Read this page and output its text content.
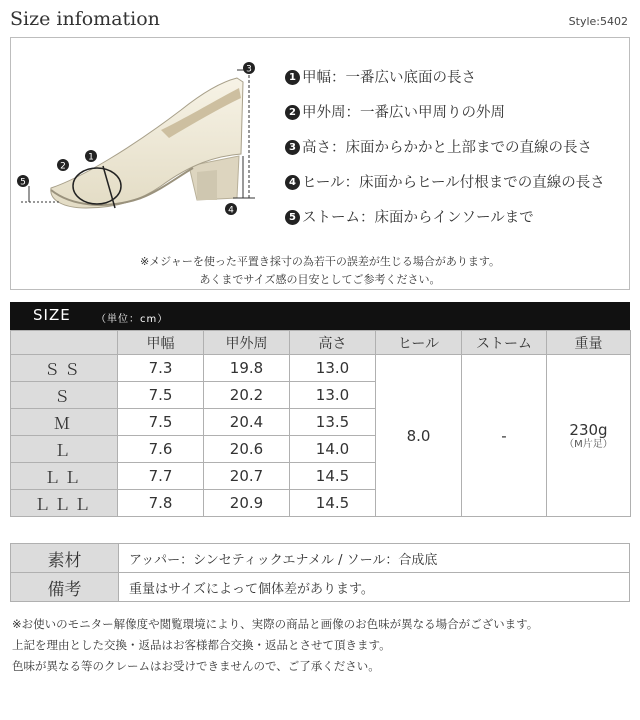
Size infomation	Style:5402
1
2
3
4
5
1 甲幅：一番広い底面の長さ
2 甲外周：一番広い甲周りの外周
3 高さ：床面からかかと上部までの直線の長さ
4 ヒール：床面からヒール付根までの直線の長さ
5 ストーム：床面からインソールまで
※メジャーを使った平置き採寸の為若干の誤差が生じる場合があります。
あくまでサイズ感の目安としてご参考ください。
SIZE	（単位：cm）
	甲幅	甲外周	高さ	ヒール	ストーム	重量
ＳＳ	7.3	19.8	13.0	8.0	-	230g
（M片足）

Ｓ	7.5	20.2	13.0			
Ｍ	7.5	20.4	13.5			
Ｌ	7.6	20.6	14.0			
ＬＬ	7.7	20.7	14.5			
ＬＬＬ	7.8	20.9	14.5			
素材	アッパー：シンセティックエナメル / ソール：合成底
備考	重量はサイズによって個体差があります。
※お使いのモニター解像度や閲覧環境により、実際の商品と画像のお色味が異なる場合がございます。
上記を理由とした交換・返品はお客様都合交換・返品とさせて頂きます。
色味が異なる等のクレームはお受けできませんので、ご了承ください。
